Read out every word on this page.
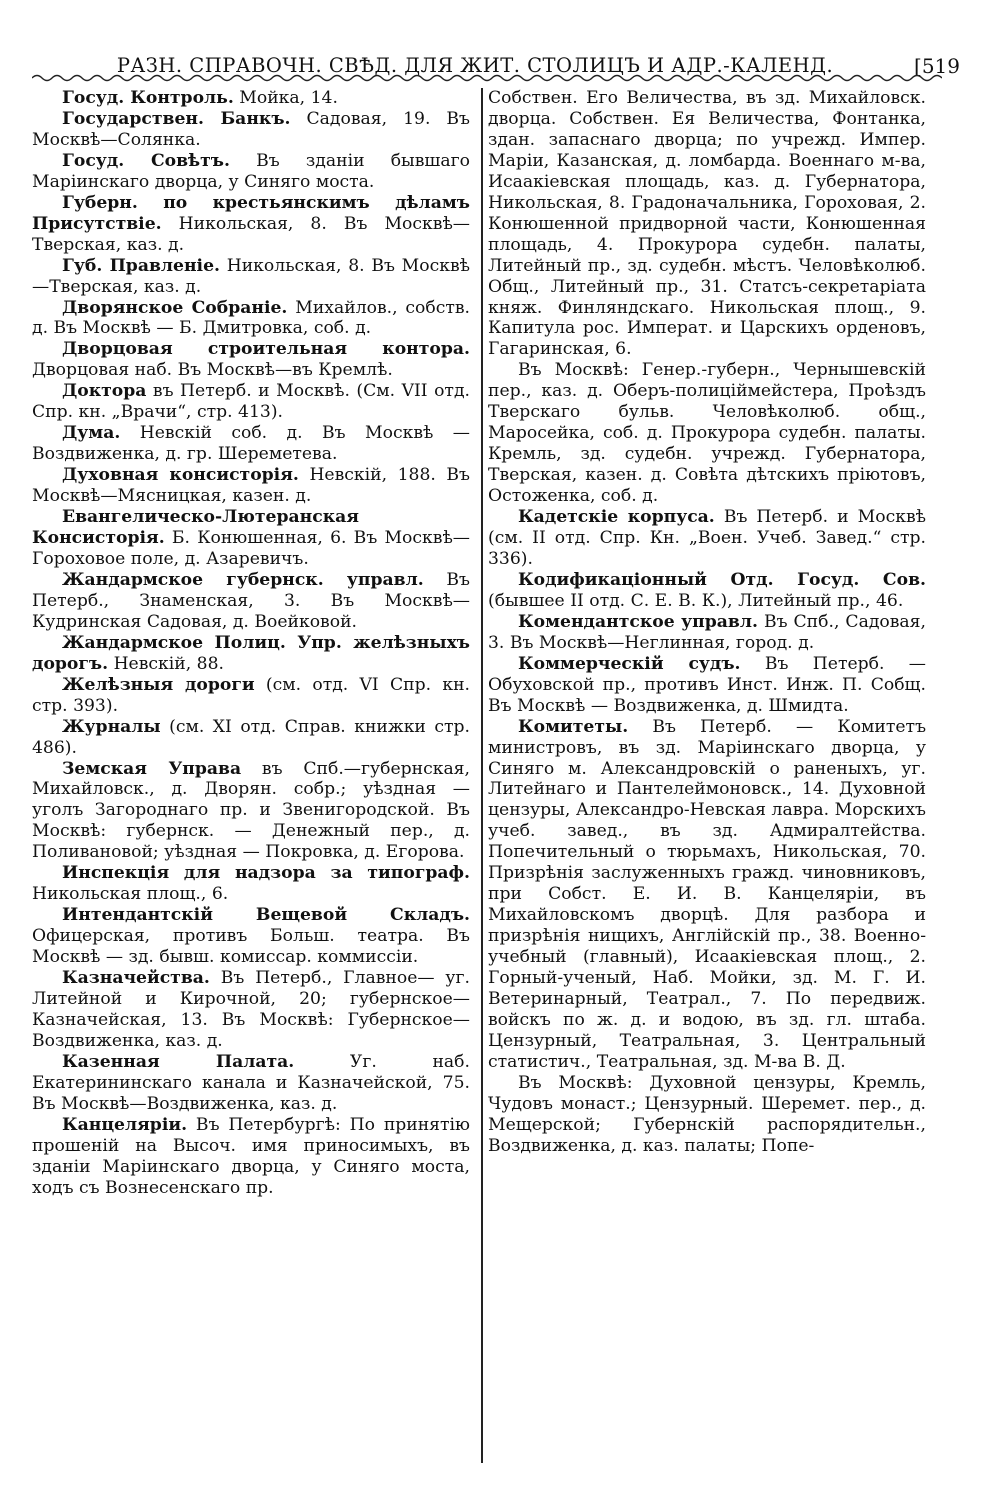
РАЗН. СПРАВОЧН. СВѢД. ДЛЯ ЖИТ. СТОЛИЦЪ И АДР.-КАЛЕНД.	[519

Госуд. Контроль. Мойка, 14.

Государствен. Банкъ. Садовая, 19. Въ Москвѣ—Солянка.

Госуд. Совѣтъ. Въ зданіи бывшаго Маріинскаго дворца, у Синяго моста.

Губерн. по крестьянскимъ дѣламъ Присутствіе. Никольская, 8. Въ Москвѣ—Тверская, каз. д.

Губ. Правленіе. Никольская, 8. Въ Москвѣ—Тверская, каз. д.

Дворянское Собраніе. Михайлов., собств. д. Въ Москвѣ — Б. Дмитровка, соб. д.

Дворцовая строительная контора. Дворцовая наб. Въ Москвѣ—въ Кремлѣ.

Доктора въ Петерб. и Москвѣ. (См. VII отд. Спр. кн. „Врачи“, стр. 413).

Дума. Невскій соб. д. Въ Москвѣ — Воздвиженка, д. гр. Шереметева.

Духовная консисторія. Невскій, 188. Въ Москвѣ—Мясницкая, казен. д.

Евангелическо-Лютеранская Консисторія. Б. Конюшенная, 6. Въ Москвѣ—Гороховое поле, д. Азаревичъ.

Жандармское губернск. управл. Въ Петерб., Знаменская, 3. Въ Москвѣ—Кудринская Садовая, д. Воейковой.

Жандармское Полиц. Упр. желѣзныхъ дорогъ. Невскій, 88.

Желѣзныя дороги (см. отд. VI Спр. кн. стр. 393).

Журналы (см. XI отд. Справ. книжки стр. 486).

Земская Управа въ Спб.—губернская, Михайловск., д. Дворян. собр.; уѣздная — уголъ Загороднаго пр. и Звенигородской. Въ Москвѣ: губернск. — Денежный пер., д. Поливановой; уѣздная — Покровка, д. Егорова.

Инспекція для надзора за типограф. Никольская площ., 6.

Интендантскій Вещевой Складъ. Офицерская, противъ Больш. театра. Въ Москвѣ — зд. бывш. комиссар. коммиссіи.

Казначейства. Въ Петерб., Главное— уг. Литейной и Кирочной, 20; губернское—Казначейская, 13. Въ Москвѣ: Губернское—Воздвиженка, каз. д.

Казенная Палата. Уг. наб. Екатерининскаго канала и Казначейской, 75. Въ Москвѣ—Воздвиженка, каз. д.

Канцеляріи. Въ Петербургѣ: По принятію прошеній на Высоч. имя приносимыхъ, въ зданіи Маріинскаго дворца, у Синяго моста, ходъ съ Вознесенскаго пр.

Собствен. Его Величества, въ зд. Михайловск. дворца. Собствен. Ея Величества, Фонтанка, здан. запаснаго дворца; по учрежд. Импер. Маріи, Казанская, д. ломбарда. Военнаго м-ва, Исаакіевская площадь, каз. д. Губернатора, Никольская, 8. Градоначальника, Гороховая, 2. Конюшенной придворной части, Конюшенная площадь, 4. Прокурора судебн. палаты, Литейный пр., зд. судебн. мѣстъ. Человѣколюб. Общ., Литейный пр., 31. Статсъ-секретаріата княж. Финляндскаго. Никольская площ., 9. Капитула рос. Императ. и Царскихъ орденовъ, Гагаринская, 6.

Въ Москвѣ: Генер.-губерн., Чернышевскій пер., каз. д. Оберъ-полиціймейстера, Проѣздъ Тверскаго бульв. Человѣколюб. общ., Маросейка, соб. д. Прокурора судебн. палаты. Кремль, зд. судебн. учрежд. Губернатора, Тверская, казен. д. Совѣта дѣтскихъ пріютовъ, Остоженка, соб. д.

Кадетскіе корпуса. Въ Петерб. и Москвѣ (см. II отд. Спр. Кн. „Воен. Учеб. Завед.“ стр. 336).

Кодификаціонный Отд. Госуд. Сов. (бывшее II отд. С. Е. В. К.), Литейный пр., 46.

Комендантское управл. Въ Спб., Садовая, 3. Въ Москвѣ—Неглинная, город. д.

Коммерческій судъ. Въ Петерб. — Обуховской пр., противъ Инст. Инж. П. Собщ. Въ Москвѣ — Воздвиженка, д. Шмидта.

Комитеты. Въ Петерб. — Комитетъ министровъ, въ зд. Маріинскаго дворца, у Синяго м. Александровскій о раненыхъ, уг. Литейнаго и Пантелеймоновск., 14. Духовной цензуры, Александро-Невская лавра. Морскихъ учеб. завед., въ зд. Адмиралтейства. Попечительный о тюрьмахъ, Никольская, 70. Призрѣнія заслуженныхъ гражд. чиновниковъ, при Собст. Е. И. В. Канцеляріи, въ Михайловскомъ дворцѣ. Для разбора и призрѣнія нищихъ, Англійскій пр., 38. Военно-учебный (главный), Исаакіевская площ., 2. Горный-ученый, Наб. Мойки, зд. М. Г. И. Ветеринарный, Театрал., 7. По передвиж. войскъ по ж. д. и водою, въ зд. гл. штаба. Цензурный, Театральная, 3. Центральный статистич., Театральная, зд. М-ва В. Д.

Въ Москвѣ: Духовной цензуры, Кремль, Чудовъ монаст.; Цензурный. Шеремет. пер., д. Мещерской; Губернскій распорядительн., Воздвиженка, д. каз. палаты; Попе-
